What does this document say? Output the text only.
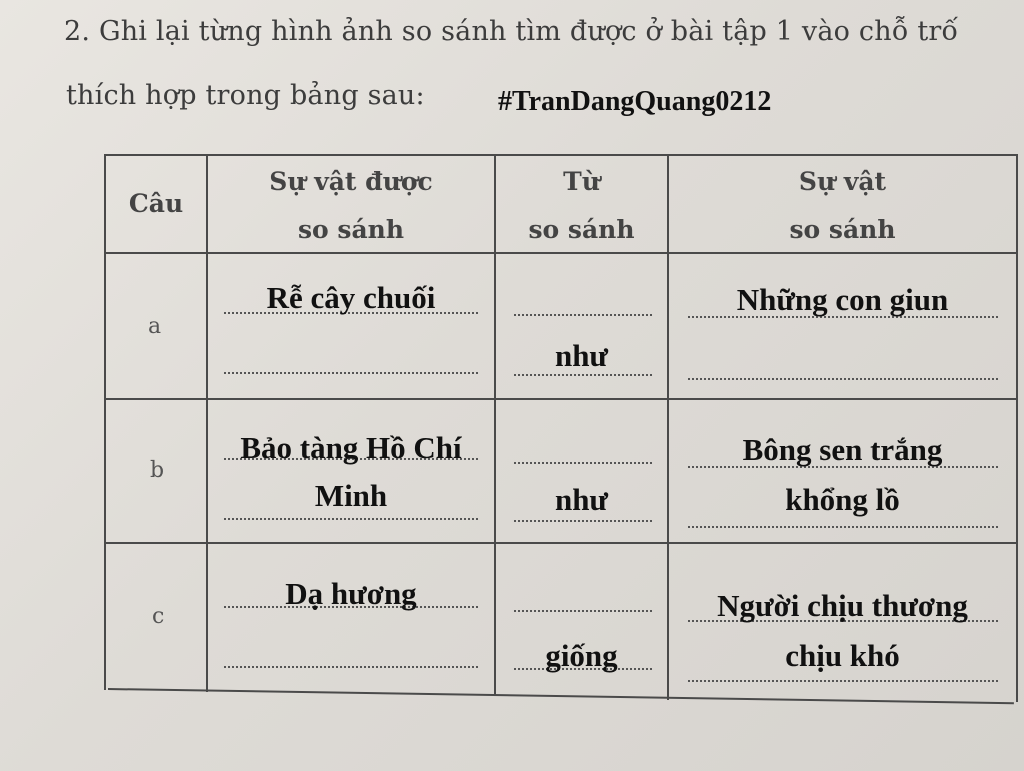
2. Ghi lại từng hình ảnh so sánh tìm được ở bài tập 1 vào chỗ trố
thích hợp trong bảng sau:	#TranDangQuang0212
Câu
Sự vật được
so sánh
Từ
so sánh
Sự vật
so sánh
a
b
c
Rễ cây chuối
như
Những con giun
Bảo tàng Hồ Chí
Minh	như
Bông sen trắng
khổng lồ
Dạ hương
giống
Người chịu thương
chịu khó
